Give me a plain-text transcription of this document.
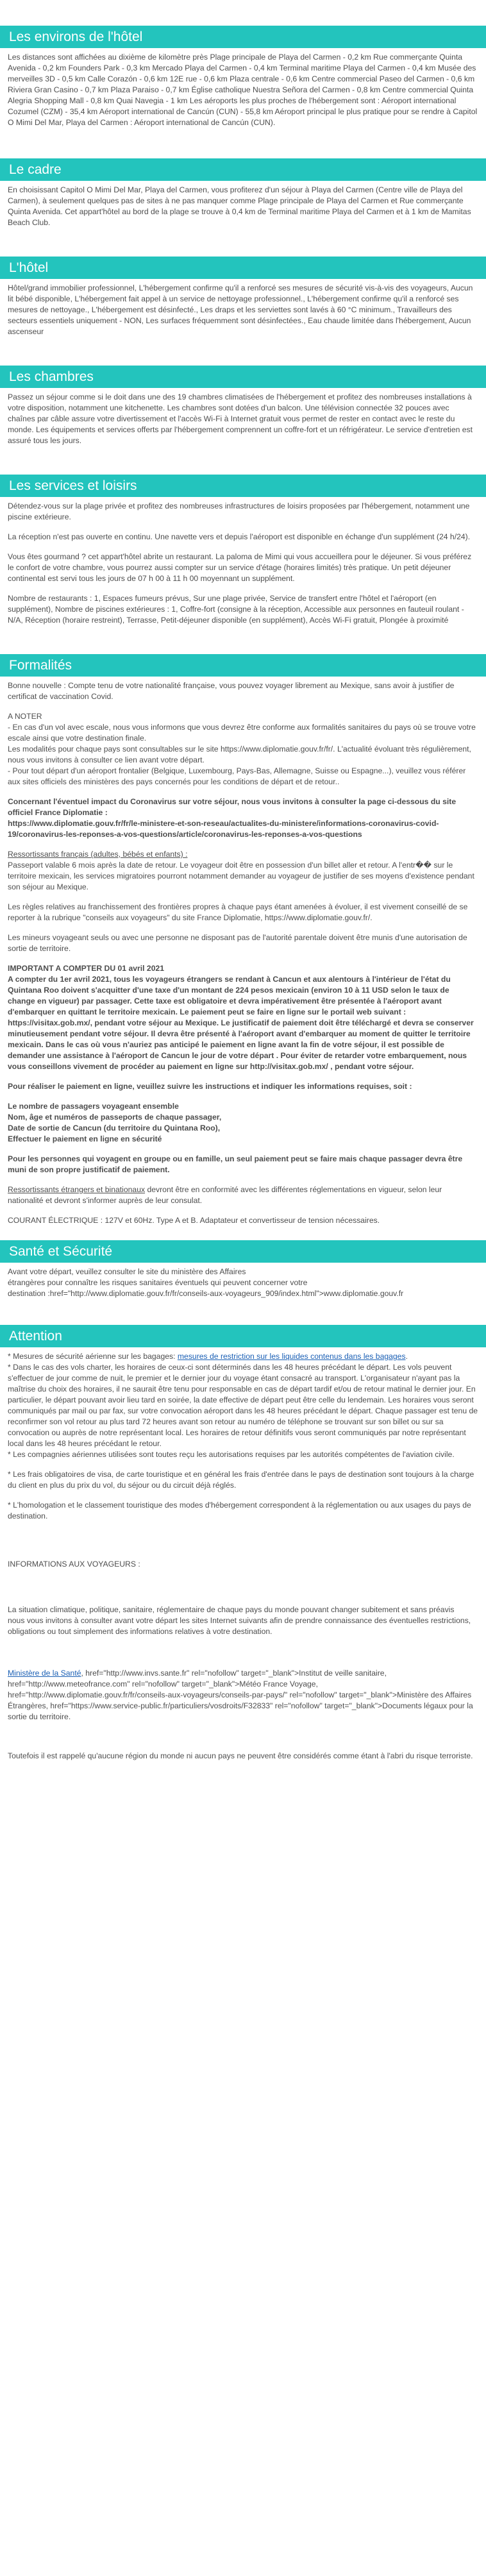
Les environs de l'hôtel

Les distances sont affichées au dixième de kilomètre près Plage principale de Playa del Carmen - 0,2 km Rue commerçante Quinta Avenida - 0,2 km Founders Park - 0,3 km Mercado Playa del Carmen - 0,4 km Terminal maritime Playa del Carmen - 0,4 km Musée des merveilles 3D - 0,5 km Calle Corazón - 0,6 km 12E rue - 0,6 km Plaza centrale - 0,6 km Centre commercial Paseo del Carmen - 0,6 km Riviera Gran Casino - 0,7 km Plaza Paraiso - 0,7 km Église catholique Nuestra Señora del Carmen - 0,8 km Centre commercial Quinta Alegria Shopping Mall - 0,8 km Quai Navegia - 1 km Les aéroports les plus proches de l'hébergement sont : Aéroport international Cozumel (CZM) - 35,4 km Aéroport international de Cancún (CUN) - 55,8 km Aéroport principal le plus pratique pour se rendre à Capitol O Mimi Del Mar, Playa del Carmen : Aéroport international de Cancún (CUN).

Le cadre

En choisissant Capitol O Mimi Del Mar, Playa del Carmen, vous profiterez d'un séjour à Playa del Carmen (Centre ville de Playa del Carmen), à seulement quelques pas de sites à ne pas manquer comme Plage principale de Playa del Carmen et Rue commerçante Quinta Avenida. Cet appart'hôtel au bord de la plage se trouve à 0,4 km de Terminal maritime Playa del Carmen et à 1 km de Mamitas Beach Club.

L'hôtel

Hôtel/grand immobilier professionnel, L'hébergement confirme qu'il a renforcé ses mesures de sécurité vis-à-vis des voyageurs, Aucun lit bébé disponible, L'hébergement fait appel à un service de nettoyage professionnel., L'hébergement confirme qu'il a renforcé ses mesures de nettoyage., L'hébergement est désinfecté., Les draps et les serviettes sont lavés à 60 °C minimum., Travailleurs des secteurs essentiels uniquement - NON, Les surfaces fréquemment sont désinfectées., Eau chaude limitée dans l'hébergement, Aucun ascenseur

Les chambres

Passez un séjour comme si le doit dans une des 19 chambres climatisées de l'hébergement et profitez des nombreuses installations à votre disposition, notamment une kitchenette. Les chambres sont dotées d'un balcon. Une télévision connectée 32 pouces avec chaînes par câble assure votre divertissement et l'accès Wi-Fi à Internet gratuit vous permet de rester en contact avec le reste du monde. Les équipements et services offerts par l'hébergement comprennent un coffre-fort et un réfrigérateur. Le service d'entretien est assuré tous les jours.

Les services et loisirs

Détendez-vous sur la plage privée et profitez des nombreuses infrastructures de loisirs proposées par l'hébergement, notamment une piscine extérieure.

La réception n'est pas ouverte en continu. Une navette vers et depuis l'aéroport est disponible en échange d'un supplément (24 h/24).

Vous êtes gourmand ? cet appart'hôtel abrite un restaurant. La paloma de Mimi qui vous accueillera pour le déjeuner. Si vous préférez le confort de votre chambre, vous pourrez aussi compter sur un service d'étage (horaires limités) très pratique. Un petit déjeuner continental est servi tous les jours de 07 h 00 à 11 h 00 moyennant un supplément.

Nombre de restaurants : 1, Espaces fumeurs prévus, Sur une plage privée, Service de transfert entre l'hôtel et l'aéroport (en supplément), Nombre de piscines extérieures : 1, Coffre-fort (consigne à la réception, Accessible aux personnes en fauteuil roulant - N/A, Réception (horaire restreint), Terrasse, Petit-déjeuner disponible (en supplément), Accès Wi-Fi gratuit, Plongée à proximité

Formalités

Bonne nouvelle : Compte tenu de votre nationalité française, vous pouvez voyager librement au Mexique, sans avoir à justifier de certificat de vaccination Covid.

A NOTER

- En cas d'un vol avec escale, nous vous informons que vous devrez être conforme aux formalités sanitaires du pays où se trouve votre escale ainsi que votre destination finale.

Les modalités pour chaque pays sont consultables sur le site https://www.diplomatie.gouv.fr/fr/. L'actualité évoluant très régulièrement, nous vous invitons à consulter ce lien avant votre départ.

- Pour tout départ d'un aéroport frontalier (Belgique, Luxembourg, Pays-Bas, Allemagne, Suisse ou Espagne...), veuillez vous référer aux sites officiels des ministères des pays concernés pour les conditions de départ et de retour..

Concernant l'éventuel impact du Coronavirus sur votre séjour, nous vous invitons à consulter la page ci-dessous du site officiel France Diplomatie :

https://www.diplomatie.gouv.fr/fr/le-ministere-et-son-reseau/actualites-du-ministere/informations-coronavirus-covid-19/coronavirus-les-reponses-a-vos-questions/article/coronavirus-les-reponses-a-vos-questions

Ressortissants français (adultes, bébés et enfants) :

Passeport valable 6 mois après la date de retour. Le voyageur doit être en possession d'un billet aller et retour. A l'entr�� sur le territoire mexicain, les services migratoires pourront notamment demander au voyageur de justifier de ses moyens d'existence pendant son séjour au Mexique.

Les règles relatives au franchissement des frontières propres à chaque pays étant amenées à évoluer, il est vivement conseillé de se reporter à la rubrique "conseils aux voyageurs" du site France Diplomatie, https://www.diplomatie.gouv.fr/.

Les mineurs voyageant seuls ou avec une personne ne disposant pas de l'autorité parentale doivent être munis d'une autorisation de sortie de territoire.

IMPORTANT A COMPTER DU 01 avril 2021

A compter du 1er avril 2021, tous les voyageurs étrangers se rendant à Cancun et aux alentours à l'intérieur de l'état du Quintana Roo doivent s'acquitter d'une taxe d'un montant de 224 pesos mexicain (environ 10 à 11 USD selon le taux de change en vigueur) par passager. Cette taxe est obligatoire et devra impérativement être présentée à l'aéroport avant d'embarquer en quittant le territoire mexicain. Le paiement peut se faire en ligne sur le portail web suivant : https://visitax.gob.mx/, pendant votre séjour au Mexique. Le justificatif de paiement doit être téléchargé et devra se conserver minutieusement pendant votre séjour. Il devra être présenté à l'aéroport avant d'embarquer au moment de quitter le territoire mexicain. Dans le cas où vous n'auriez pas anticipé le paiement en ligne avant la fin de votre séjour, il est possible de demander une assistance à l'aéroport de Cancun le jour de votre départ . Pour éviter de retarder votre embarquement, nous vous conseillons vivement de procéder au paiement en ligne sur http://visitax.gob.mx/ , pendant votre séjour.

Pour réaliser le paiement en ligne, veuillez suivre les instructions et indiquer les informations requises, soit :

Le nombre de passagers voyageant ensemble
Nom, âge et numéros de passeports de chaque passager,
Date de sortie de Cancun (du territoire du Quintana Roo),
Effectuer le paiement en ligne en sécurité

Pour les personnes qui voyagent en groupe ou en famille, un seul paiement peut se faire mais chaque passager devra être muni de son propre justificatif de paiement.

Ressortissants étrangers et binationaux devront être en conformité avec les différentes réglementations en vigueur, selon leur nationalité et devront s'informer auprès de leur consulat.

COURANT ÉLECTRIQUE : 127V et 60Hz. Type A et B. Adaptateur et convertisseur de tension nécessaires.

Santé et Sécurité

Avant votre départ, veuillez consulter le site du ministère des Affaires
étrangères pour connaître les risques sanitaires éventuels qui peuvent concerner votre
destination :href="http://www.diplomatie.gouv.fr/fr/conseils-aux-voyageurs_909/index.html">www.diplomatie.gouv.fr

Attention

* Mesures de sécurité aérienne sur les bagages: mesures de restriction sur les liquides contenus dans les bagages.

* Dans le cas des vols charter, les horaires de ceux-ci sont déterminés dans les 48 heures précédant le départ. Les vols peuvent s'effectuer de jour comme de nuit, le premier et le dernier jour du voyage étant consacré au transport. L'organisateur n'ayant pas la maîtrise du choix des horaires, il ne saurait être tenu pour responsable en cas de départ tardif et/ou de retour matinal le dernier jour. En particulier, le départ pouvant avoir lieu tard en soirée, la date effective de départ peut être celle du lendemain. Les horaires vous seront communiqués par mail ou par fax, sur votre convocation aéroport dans les 48 heures précédant le départ. Chaque passager est tenu de reconfirmer son vol retour au plus tard 72 heures avant son retour au numéro de téléphone se trouvant sur son billet ou sur sa convocation ou auprès de notre représentant local. Les horaires de retour définitifs vous seront communiqués par notre représentant local dans les 48 heures précédant le retour.

* Les compagnies aériennes utilisées sont toutes reçu les autorisations requises par les autorités compétentes de l'aviation civile.

* Les frais obligatoires de visa, de carte touristique et en général les frais d'entrée dans le pays de destination sont toujours à la charge du client en plus du prix du vol, du séjour ou du circuit déjà réglés.

* L'homologation et le classement touristique des modes d'hébergement correspondent à la réglementation ou aux usages du pays de destination.

INFORMATIONS AUX VOYAGEURS :

La situation climatique, politique, sanitaire, réglementaire de chaque pays du monde pouvant changer subitement et sans préavis

nous vous invitons à consulter avant votre départ les sites Internet suivants afin de prendre connaissance des éventuelles restrictions, obligations ou tout simplement des informations relatives à votre destination.

Ministère de la Santé, href="http://www.invs.sante.fr" rel="nofollow" target="_blank">Institut de veille sanitaire, href="http://www.meteofrance.com" rel="nofollow" target="_blank">Météo France Voyage, href="http://www.diplomatie.gouv.fr/fr/conseils-aux-voyageurs/conseils-par-pays/" rel="nofollow" target="_blank">Ministère des Affaires Étrangères, href="https://www.service-public.fr/particuliers/vosdroits/F32833" rel="nofollow" target="_blank">Documents légaux pour la sortie du territoire.

Toutefois il est rappelé qu'aucune région du monde ni aucun pays ne peuvent être considérés comme étant à l'abri du risque terroriste.
